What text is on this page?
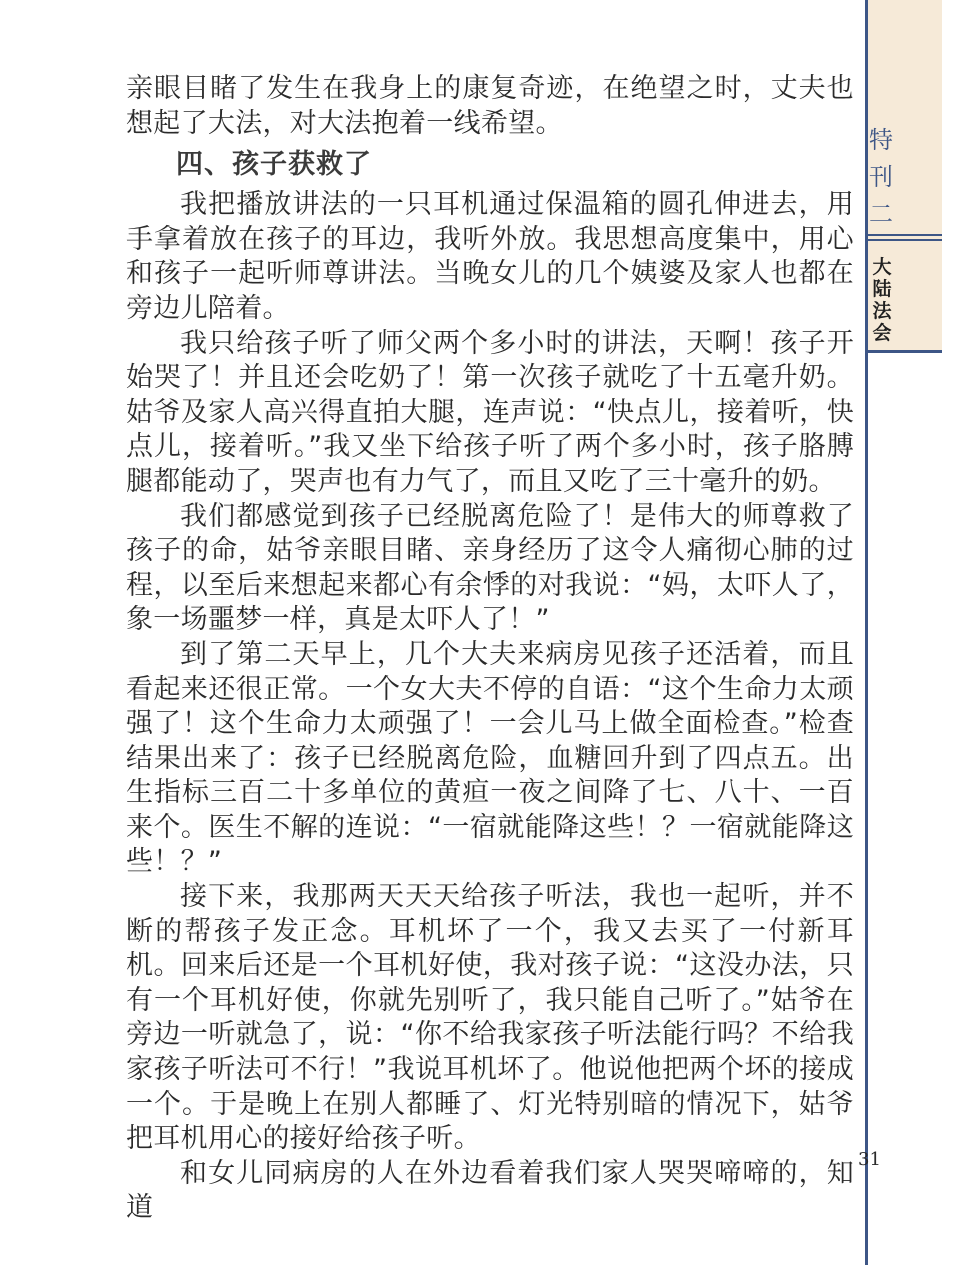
特刊二
大陆法会

亲眼目睹了发生在我身上的康复奇迹，在绝望之时，丈夫也想起了大法，对大法抱着一线希望。

四、孩子获救了

我把播放讲法的一只耳机通过保温箱的圆孔伸进去，用手拿着放在孩子的耳边，我听外放。我思想高度集中，用心和孩子一起听师尊讲法。当晚女儿的几个姨婆及家人也都在旁边儿陪着。

我只给孩子听了师父两个多小时的讲法，天啊！孩子开始哭了！并且还会吃奶了！第一次孩子就吃了十五毫升奶。姑爷及家人高兴得直拍大腿，连声说：“快点儿，接着听，快点儿，接着听。”我又坐下给孩子听了两个多小时，孩子胳膊腿都能动了，哭声也有力气了，而且又吃了三十毫升的奶。

我们都感觉到孩子已经脱离危险了！是伟大的师尊救了孩子的命，姑爷亲眼目睹、亲身经历了这令人痛彻心肺的过程，以至后来想起来都心有余悸的对我说：“妈，太吓人了，象一场噩梦一样，真是太吓人了！”

到了第二天早上，几个大夫来病房见孩子还活着，而且看起来还很正常。一个女大夫不停的自语：“这个生命力太顽强了！这个生命力太顽强了！一会儿马上做全面检查。”检查结果出来了：孩子已经脱离危险，血糖回升到了四点五。出生指标三百二十多单位的黄疸一夜之间降了七、八十、一百来个。医生不解的连说：“一宿就能降这些！？一宿就能降这些！？”

接下来，我那两天天天给孩子听法，我也一起听，并不断的帮孩子发正念。耳机坏了一个，我又去买了一付新耳机。回来后还是一个耳机好使，我对孩子说：“这没办法，只有一个耳机好使，你就先别听了，我只能自己听了。”姑爷在旁边一听就急了，说：“你不给我家孩子听法能行吗？不给我家孩子听法可不行！”我说耳机坏了。他说他把两个坏的接成一个。于是晚上在别人都睡了、灯光特别暗的情况下，姑爷把耳机用心的接好给孩子听。

和女儿同病房的人在外边看着我们家人哭哭啼啼的，知道

31
